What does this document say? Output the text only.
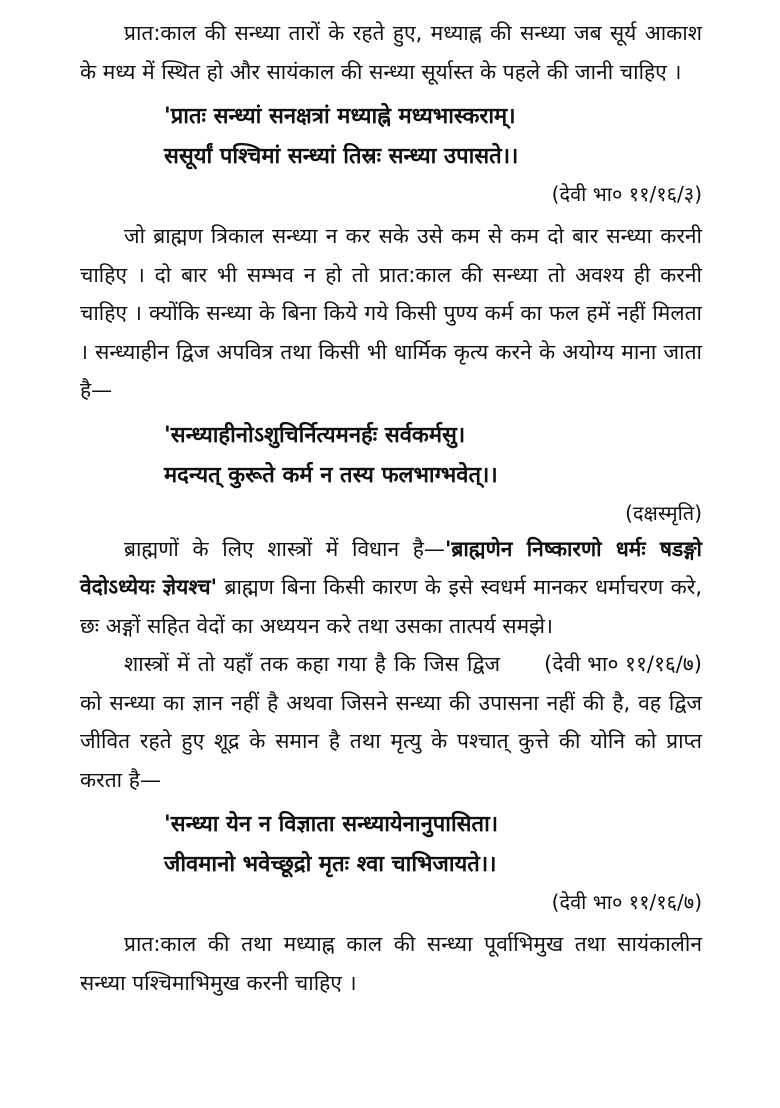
प्रात:काल की सन्ध्या तारों के रहते हुए, मध्याह्न की सन्ध्या जब सूर्य आकाश के मध्य में स्थित हो और सायंकाल की सन्ध्या सूर्यास्त के पहले की जानी चाहिए ।

'प्रातः सन्ध्यां सनक्षत्रां मध्याह्ने मध्यभास्कराम्।

ससूर्यां पश्चिमां सन्ध्यां तिस्रः सन्ध्या उपासते।।

(देवी भा० ११/१६/३)

जो ब्राह्मण त्रिकाल सन्ध्या न कर सके उसे कम से कम दो बार सन्ध्या करनी चाहिए । दो बार भी सम्भव न हो तो प्रात:काल की सन्ध्या तो अवश्य ही करनी चाहिए । क्योंकि सन्ध्या के बिना किये गये किसी पुण्य कर्म का फल हमें नहीं मिलता । सन्ध्याहीन द्विज अपवित्र तथा किसी भी धार्मिक कृत्य करने के अयोग्य माना जाता है—

'सन्ध्याहीनोऽशुचिर्नित्यमनर्हः सर्वकर्मसु।

मदन्यत् कुरूते कर्म न तस्य फलभाग्भवेत्।।

(दक्षस्मृति)

ब्राह्मणों के लिए शास्त्रों में विधान है—'ब्राह्मणेन निष्कारणो धर्मः षडङ्गो वेदोऽध्येयः ज्ञेयश्च' ब्राह्मण बिना किसी कारण के इसे स्वधर्म मानकर धर्माचरण करे, छः अङ्गों सहित वेदों का अध्ययन करे तथा उसका तात्पर्य समझे।
(देवी भा० ११/१६/७)

शास्त्रों में तो यहाँ तक कहा गया है कि जिस द्विज को सन्ध्या का ज्ञान नहीं है अथवा जिसने सन्ध्या की उपासना नहीं की है, वह द्विज जीवित रहते हुए शूद्र के समान है तथा मृत्यु के पश्चात् कुत्ते की योनि को प्राप्त करता है—

'सन्ध्या येन न विज्ञाता सन्ध्यायेनानुपासिता।

जीवमानो भवेच्छूद्रो मृतः श्वा चाभिजायते।।

(देवी भा० ११/१६/७)

प्रात:काल की तथा मध्याह्न काल की सन्ध्या पूर्वाभिमुख तथा सायंकालीन सन्ध्या पश्चिमाभिमुख करनी चाहिए ।
